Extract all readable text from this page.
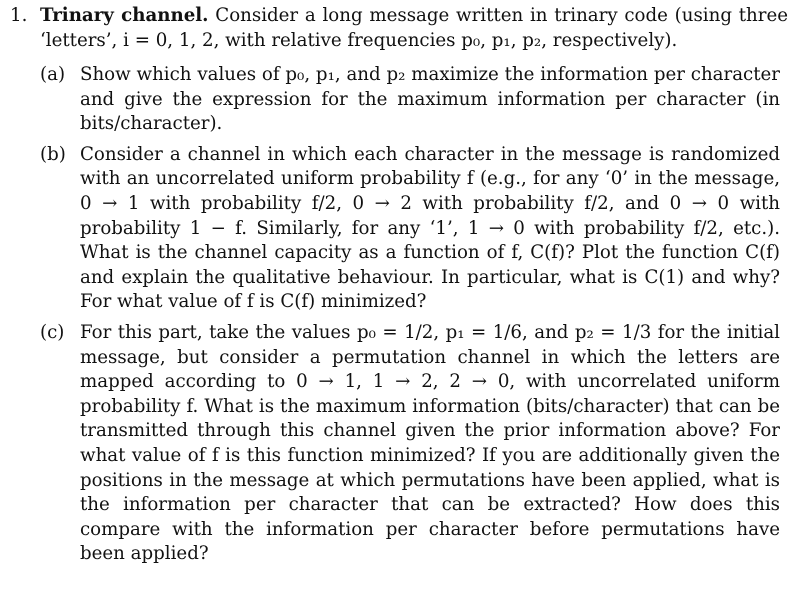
1. Trinary channel. Consider a long message written in trinary code (using three ‘letters’, i = 0, 1, 2, with relative frequencies p₀, p₁, p₂, respectively).
(a) Show which values of p₀, p₁, and p₂ maximize the information per character and give the expression for the maximum information per character (in bits/character).
(b) Consider a channel in which each character in the message is randomized with an uncorrelated uniform probability f (e.g., for any ‘0’ in the message, 0 → 1 with probability f/2, 0 → 2 with probability f/2, and 0 → 0 with probability 1 − f. Similarly, for any ‘1’, 1 → 0 with probability f/2, etc.). What is the channel capacity as a function of f, C(f)? Plot the function C(f) and explain the qualitative behaviour. In particular, what is C(1) and why? For what value of f is C(f) minimized?
(c) For this part, take the values p₀ = 1/2, p₁ = 1/6, and p₂ = 1/3 for the initial message, but consider a permutation channel in which the letters are mapped according to 0 → 1, 1 → 2, 2 → 0, with uncorrelated uniform probability f. What is the maximum information (bits/character) that can be transmitted through this channel given the prior information above? For what value of f is this function minimized? If you are additionally given the positions in the message at which permutations have been applied, what is the information per character that can be extracted? How does this compare with the information per character before permutations have been applied?
